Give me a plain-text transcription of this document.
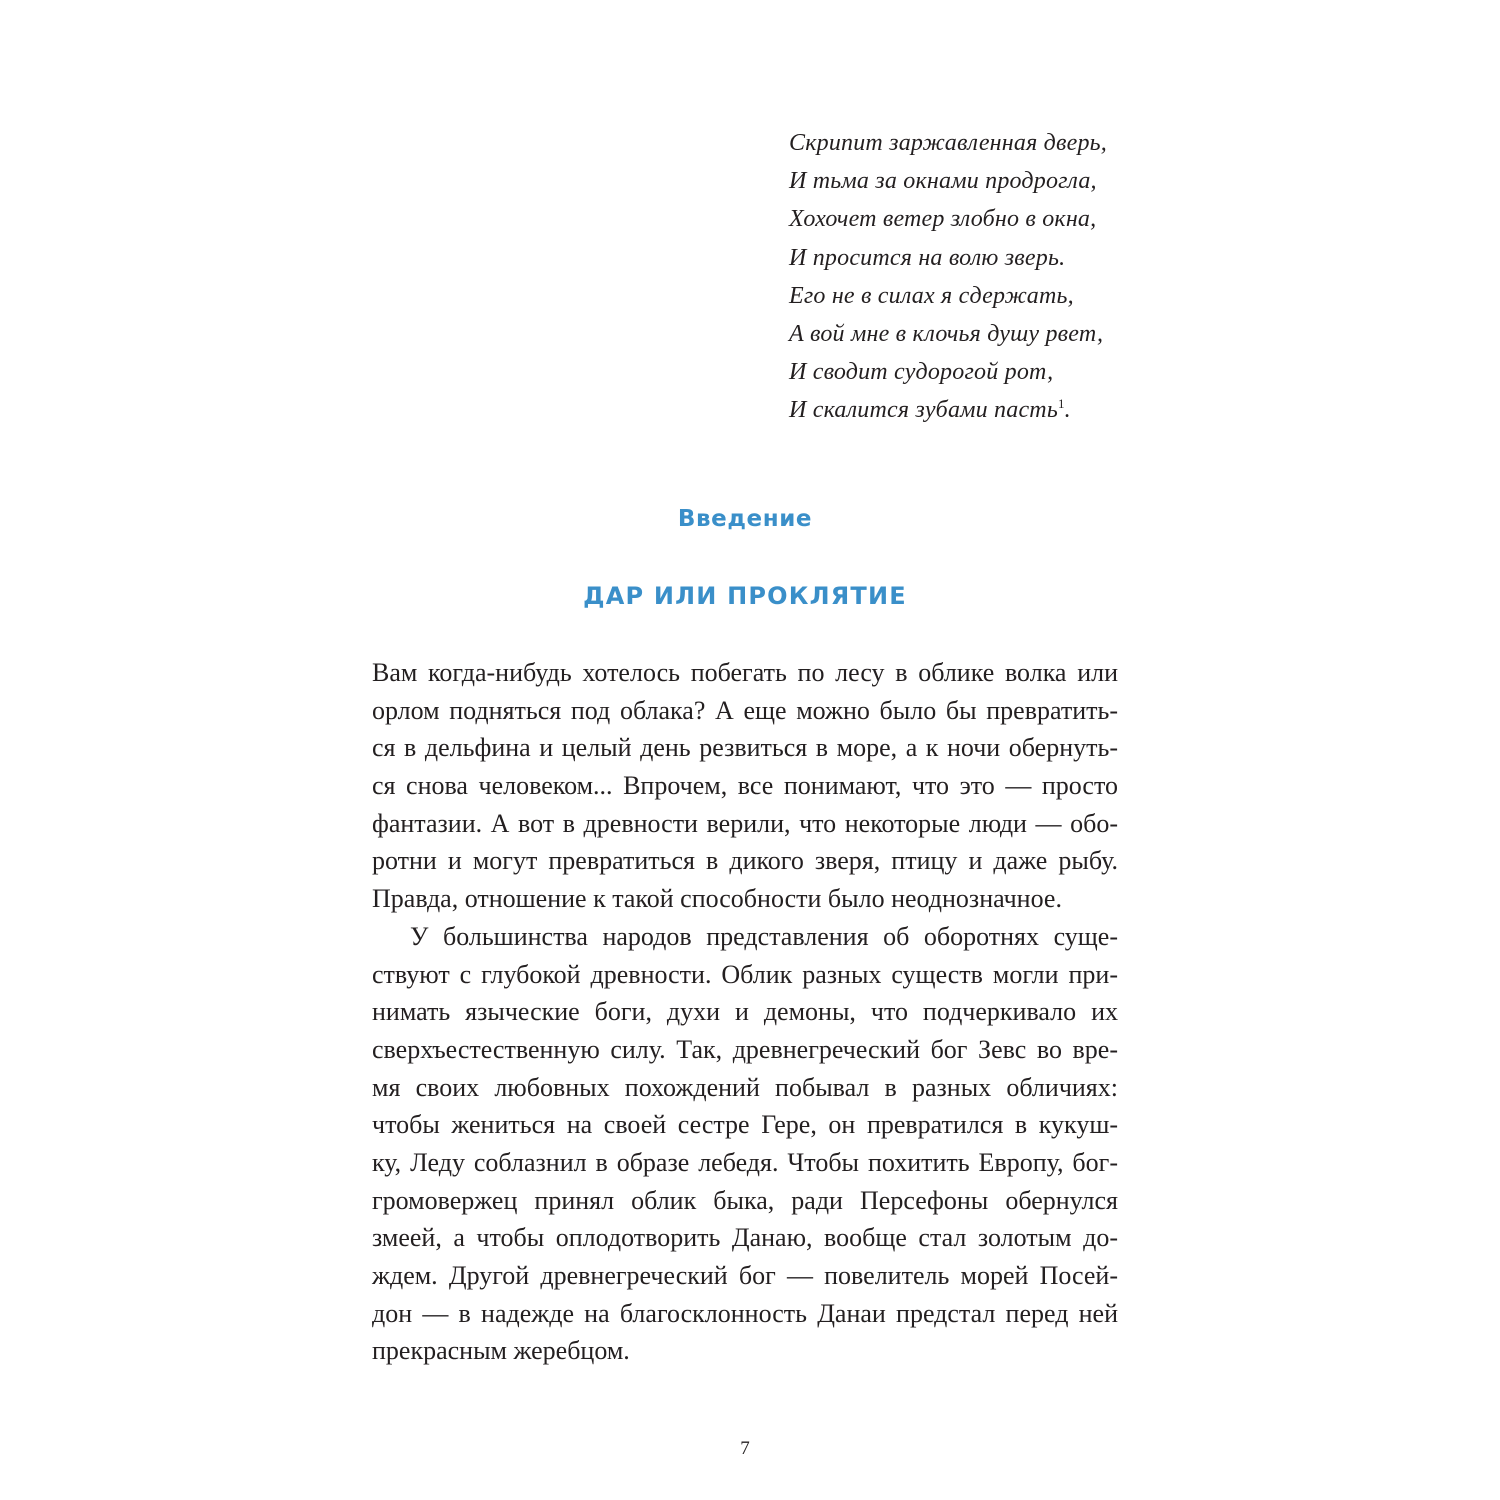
Скрипит заржавленная дверь,
И тьма за окнами продрогла,
Хохочет ветер злобно в окна,
И просится на волю зверь.
Его не в силах я сдержать,
А вой мне в клочья душу рвет,
И сводит судорогой рот,
И скалится зубами пасть$^1$.
Введение
ДАР ИЛИ ПРОКЛЯТИЕ
Вам когда-нибудь хотелось побегать по лесу в облике волка или
орлом подняться под облака? А еще можно было бы превратить-
ся в дельфина и целый день резвиться в море, а к ночи обернуть-
ся снова человеком... Впрочем, все понимают, что это — просто
фантазии. А вот в древности верили, что некоторые люди — обо-
ротни и могут превратиться в дикого зверя, птицу и даже рыбу.
Правда, отношение к такой способности было неоднозначное.
У большинства народов представления об оборотнях суще-
ствуют с глубокой древности. Облик разных существ могли при-
нимать языческие боги, духи и демоны, что подчеркивало их
сверхъестественную силу. Так, древнегреческий бог Зевс во вре-
мя своих любовных похождений побывал в разных обличиях:
чтобы жениться на своей сестре Гере, он превратился в кукуш-
ку, Леду соблазнил в образе лебедя. Чтобы похитить Европу, бог-
громовержец принял облик быка, ради Персефоны обернулся
змеей, а чтобы оплодотворить Данаю, вообще стал золотым до-
ждем. Другой древнегреческий бог — повелитель морей Посей-
дон — в надежде на благосклонность Данаи предстал перед ней
прекрасным жеребцом.
7
